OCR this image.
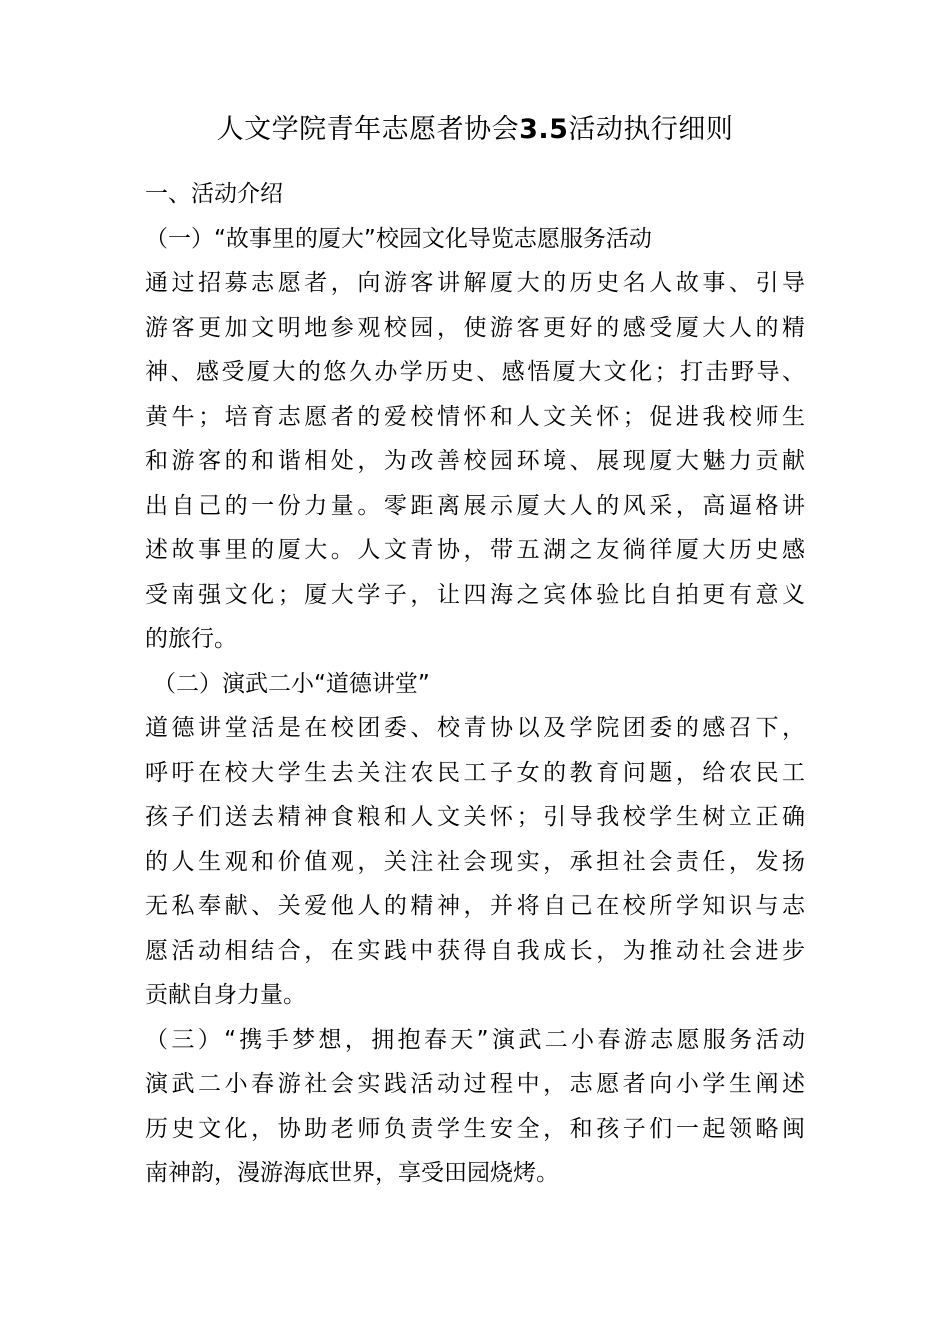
人文学院青年志愿者协会3.5活动执行细则
一、活动介绍
（一）“故事里的厦大”校园文化导览志愿服务活动
通过招募志愿者，向游客讲解厦大的历史名人故事、引导
游客更加文明地参观校园，使游客更好的感受厦大人的精
神、感受厦大的悠久办学历史、感悟厦大文化；打击野导、
黄牛；培育志愿者的爱校情怀和人文关怀；促进我校师生
和游客的和谐相处，为改善校园环境、展现厦大魅力贡献
出自己的一份力量。零距离展示厦大人的风采，高逼格讲
述故事里的厦大。人文青协，带五湖之友徜徉厦大历史感
受南强文化；厦大学子，让四海之宾体验比自拍更有意义
的旅行。
（二）演武二小“道德讲堂”
道德讲堂活是在校团委、校青协以及学院团委的感召下，
呼吁在校大学生去关注农民工子女的教育问题，给农民工
孩子们送去精神食粮和人文关怀；引导我校学生树立正确
的人生观和价值观，关注社会现实，承担社会责任，发扬
无私奉献、关爱他人的精神，并将自己在校所学知识与志
愿活动相结合，在实践中获得自我成长，为推动社会进步
贡献自身力量。
（三）“携手梦想，拥抱春天”演武二小春游志愿服务活动
演武二小春游社会实践活动过程中，志愿者向小学生阐述
历史文化，协助老师负责学生安全，和孩子们一起领略闽
南神韵，漫游海底世界，享受田园烧烤。
